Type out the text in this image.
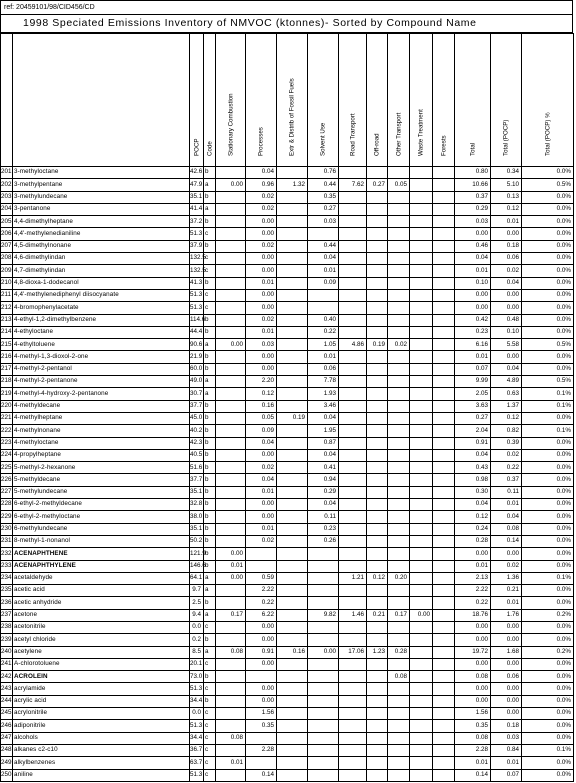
ref: 20459101/98/CID456/CD
1998 Speciated Emissions Inventory of NMVOC (ktonnes)- Sorted by Compound Name

		POCP	Code	Stationary Combustion	Processes	Extr & Distrib of Fossil Fuels	Solvent Use	Road Transport	Off-road	Other Transport	Waste Treatment	Forests	Total	Total (POCP)	Total (POCP) %

201	3-methyloctane	42.6	b		0.04		0.76						0.80	0.34	0.0%
202	3-methylpentane	47.9	a	0.00	0.96	1.32	0.44	7.62	0.27	0.05			10.66	5.10	0.5%
203	3-methylundecane	35.1	b		0.02		0.35						0.37	0.13	0.0%
204	3-pentanone	41.4	a		0.02		0.27						0.29	0.12	0.0%
205	4,4-dimethylheptane	37.2	b		0.00		0.03						0.03	0.01	0.0%
206	4,4'-methylenedianiline	51.3	c		0.00								0.00	0.00	0.0%
207	4,5-dimethylnonane	37.9	b		0.02		0.44						0.46	0.18	0.0%
208	4,6-dimethylindan	132.5	c		0.00		0.04						0.04	0.06	0.0%
209	4,7-dimethylindan	132.5	c		0.00		0.01						0.01	0.02	0.0%
210	4,8-dioxa-1-dodecanol	41.3	b		0.01		0.09						0.10	0.04	0.0%
211	4,4'-methylenediphenyl diisocyanate	51.3	c		0.00								0.00	0.00	0.0%
212	4-bromophenylacetate	51.3	c		0.00								0.00	0.00	0.0%
213	4-ethyl-1,2-dimethylbenzene	114.6	b		0.02		0.40						0.42	0.48	0.0%
214	4-ethyloctane	44.4	b		0.01		0.22						0.23	0.10	0.0%
215	4-ethyltoluene	90.6	a	0.00	0.03		1.05	4.86	0.19	0.02			6.16	5.58	0.5%
216	4-methyl-1,3-dioxol-2-one	21.9	b		0.00		0.01						0.01	0.00	0.0%
217	4-methyl-2-pentanol	60.0	b		0.00		0.06						0.07	0.04	0.0%
218	4-methyl-2-pentanone	49.0	a		2.20		7.78						9.99	4.89	0.5%
219	4-methyl-4-hydroxy-2-pentanone	30.7	a		0.12		1.93						2.05	0.63	0.1%
220	4-methyldecane	37.7	b		0.16		3.46						3.63	1.37	0.1%
221	4-methylheptane	45.0	b		0.05	0.19	0.04						0.27	0.12	0.0%
222	4-methylnonane	40.2	b		0.09		1.95						2.04	0.82	0.1%
223	4-methyloctane	42.3	b		0.04		0.87						0.91	0.39	0.0%
224	4-propylheptane	40.5	b		0.00		0.04						0.04	0.02	0.0%
225	5-methyl-2-hexanone	51.6	b		0.02		0.41						0.43	0.22	0.0%
226	5-methyldecane	37.7	b		0.04		0.94						0.98	0.37	0.0%
227	5-methylundecane	35.1	b		0.01		0.29						0.30	0.11	0.0%
228	6-ethyl-2-methyldecane	32.8	b		0.00		0.04						0.04	0.01	0.0%
229	6-ethyl-2-methyloctane	38.0	b		0.00		0.11						0.12	0.04	0.0%
230	6-methylundecane	35.1	b		0.01		0.23						0.24	0.08	0.0%
231	8-methyl-1-nonanol	50.2	b		0.02		0.26						0.28	0.14	0.0%
232	ACENAPHTHENE	121.9	b	0.00									0.00	0.00	0.0%
233	ACENAPHTHYLENE	146.6	b	0.01									0.01	0.02	0.0%
234	acetaldehyde	64.1	a	0.00	0.59			1.21	0.12	0.20			2.13	1.36	0.1%
235	acetic acid	9.7	a		2.22								2.22	0.21	0.0%
236	acetic anhydride	2.5	b		0.22								0.22	0.01	0.0%
237	acetone	9.4	a	0.17	6.22		9.82	1.46	0.21	0.17	0.00		18.76	1.76	0.2%
238	acetonitrile	0.0	c		0.00								0.00	0.00	0.0%
239	acetyl chloride	0.2	b		0.00								0.00	0.00	0.0%
240	acetylene	8.5	a	0.08	0.91	0.16	0.00	17.06	1.23	0.28			19.72	1.68	0.2%
241	A-chlorotoluene	20.1	c		0.00								0.00	0.00	0.0%
242	ACROLEIN	73.0	b							0.08			0.08	0.06	0.0%
243	acrylamide	51.3	c		0.00								0.00	0.00	0.0%
244	acrylic acid	34.4	b		0.00								0.00	0.00	0.0%
245	acrylonitrile	0.0	c		1.56								1.56	0.00	0.0%
246	adiponitrile	51.3	c		0.35								0.35	0.18	0.0%
247	alcohols	34.4	c	0.08									0.08	0.03	0.0%
248	alkanes c2-c10	36.7	c		2.28								2.28	0.84	0.1%
249	alkylbenzenes	63.7	c	0.01									0.01	0.01	0.0%
250	aniline	51.3	c		0.14								0.14	0.07	0.0%
